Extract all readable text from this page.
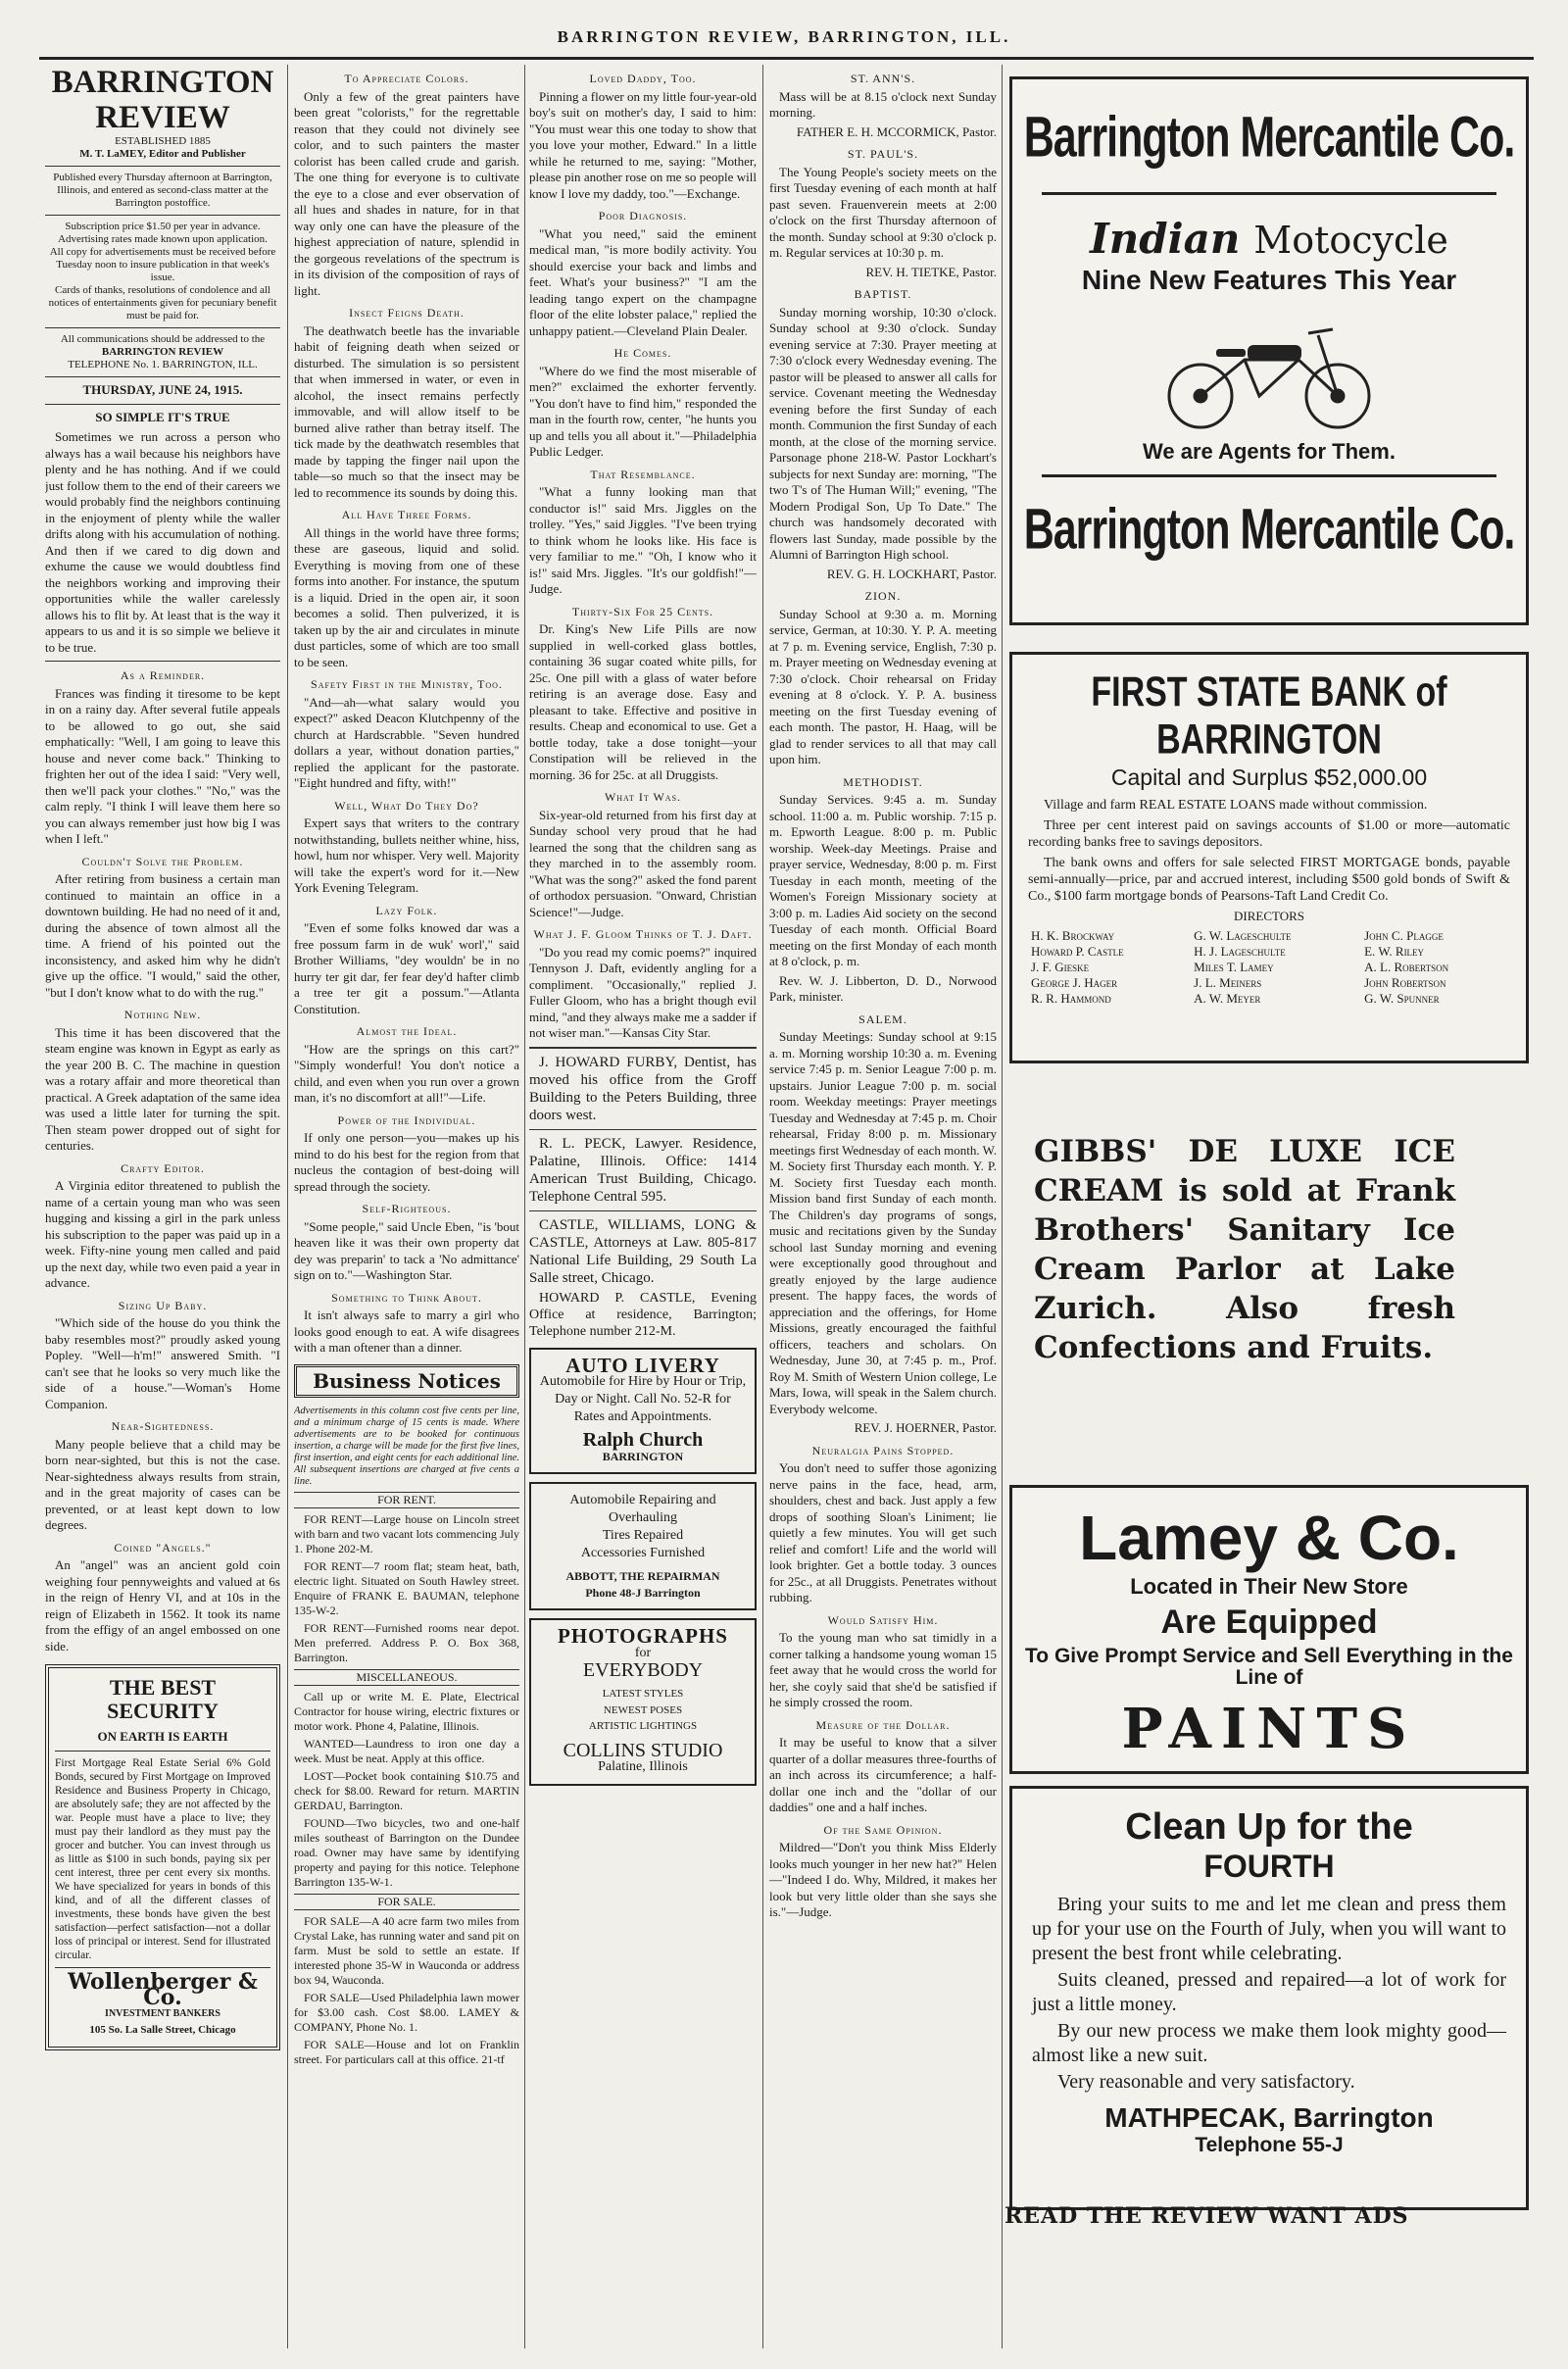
BARRINGTON REVIEW, BARRINGTON, ILL.
BARRINGTON REVIEW
ESTABLISHED 1885
M. T. LaMEY, Editor and Publisher
Published every Thursday afternoon at Barrington, Illinois, and entered as second-class matter at the Barrington postoffice.
Subscription price $1.50 per year in advance. Advertising rates made known upon application.
All copy for advertisements must be received before Tuesday noon to insure publication in that week's issue.
Cards of thanks, resolutions of condolence and all notices of entertainments given for pecuniary benefit must be paid for.
All communications should be addressed to the
BARRINGTON REVIEW
TELEPHONE No. 1. BARRINGTON, ILL.
THURSDAY, JUNE 24, 1915.
SO SIMPLE IT'S TRUE

Sometimes we run across a person who always has a wail because his neighbors have plenty and he has nothing. And if we could just follow them to the end of their careers we would probably find the neighbors continuing in the enjoyment of plenty while the waller drifts along with his accumulation of nothing. And then if we cared to dig down and exhume the cause we would doubtless find the neighbors working and improving their opportunities while the waller carelessly allows his to flit by. At least that is the way it appears to us and it is so simple we believe it to be true.

As a Reminder.

Frances was finding it tiresome to be kept in on a rainy day. After several futile appeals to be allowed to go out, she said emphatically: "Well, I am going to leave this house and never come back." Thinking to frighten her out of the idea I said: "Very well, then we'll pack your clothes." "No," was the calm reply. "I think I will leave them here so you can always remember just how big I was when I left."

Couldn't Solve the Problem.

After retiring from business a certain man continued to maintain an office in a downtown building. He had no need of it and, during the absence of town almost all the time. A friend of his pointed out the inconsistency, and asked him why he didn't give up the office. "I would," said the other, "but I don't know what to do with the rug."

Nothing New.

This time it has been discovered that the steam engine was known in Egypt as early as the year 200 B. C. The machine in question was a rotary affair and more theoretical than practical. A Greek adaptation of the same idea was used a little later for turning the spit. Then steam power dropped out of sight for centuries.

Crafty Editor.

A Virginia editor threatened to publish the name of a certain young man who was seen hugging and kissing a girl in the park unless his subscription to the paper was paid up in a week. Fifty-nine young men called and paid up the next day, while two even paid a year in advance.

Sizing Up Baby.

"Which side of the house do you think the baby resembles most?" proudly asked young Popley. "Well—h'm!" answered Smith. "I can't see that he looks so very much like the side of a house."—Woman's Home Companion.

Near-Sightedness.

Many people believe that a child may be born near-sighted, but this is not the case. Near-sightedness always results from strain, and in the great majority of cases can be prevented, or at least kept down to low degrees.

Coined "Angels."

An "angel" was an ancient gold coin weighing four pennyweights and valued at 6s in the reign of Henry VI, and at 10s in the reign of Elizabeth in 1562. It took its name from the effigy of an angel embossed on one side.

THE BEST SECURITY
ON EARTH IS EARTH

First Mortgage Real Estate Serial 6% Gold Bonds, secured by First Mortgage on Improved Residence and Business Property in Chicago, are absolutely safe; they are not affected by the war. People must have a place to live; they must pay their landlord as they must pay the grocer and butcher. You can invest through us as little as $100 in such bonds, paying six per cent interest, three per cent every six months. We have specialized for years in bonds of this kind, and of all the different classes of investments, these bonds have given the best satisfaction—perfect satisfaction—not a dollar loss of principal or interest. Send for illustrated circular.

Wollenberger & Co.
INVESTMENT BANKERS
105 So. La Salle Street, Chicago
To Appreciate Colors.

Only a few of the great painters have been great "colorists," for the regrettable reason that they could not divinely see color, and to such painters the master colorist has been called crude and garish. The one thing for everyone is to cultivate the eye to a close and ever observation of all hues and shades in nature, for in that way only one can have the pleasure of the highest appreciation of nature, splendid in the gorgeous revelations of the spectrum is in its division of the composition of rays of light.

Insect Feigns Death.

The deathwatch beetle has the invariable habit of feigning death when seized or disturbed. The simulation is so persistent that when immersed in water, or even in alcohol, the insect remains perfectly immovable, and will allow itself to be burned alive rather than betray itself. The tick made by the deathwatch resembles that made by tapping the finger nail upon the table—so much so that the insect may be led to recommence its sounds by doing this.

All Have Three Forms.

All things in the world have three forms; these are gaseous, liquid and solid. Everything is moving from one of these forms into another. For instance, the sputum is a liquid. Dried in the open air, it soon becomes a solid. Then pulverized, it is taken up by the air and circulates in minute dust particles, some of which are too small to be seen.

Safety First in the Ministry, Too.

"And—ah—what salary would you expect?" asked Deacon Klutchpenny of the church at Hardscrabble. "Seven hundred dollars a year, without donation parties," replied the applicant for the pastorate. "Eight hundred and fifty, with!"

Well, What Do They Do?

Expert says that writers to the contrary notwithstanding, bullets neither whine, hiss, howl, hum nor whisper. Very well. Majority will take the expert's word for it.—New York Evening Telegram.

Lazy Folk.

"Even ef some folks knowed dar was a free possum farm in de wuk' worl'," said Brother Williams, "dey wouldn' be in no hurry ter git dar, fer fear dey'd hafter climb a tree ter git a possum."—Atlanta Constitution.

Almost the Ideal.

"How are the springs on this cart?" "Simply wonderful! You don't notice a child, and even when you run over a grown man, it's no discomfort at all!"—Life.

Power of the Individual.

If only one person—you—makes up his mind to do his best for the region from that nucleus the contagion of best-doing will spread through the society.

Self-Righteous.

"Some people," said Uncle Eben, "is 'bout heaven like it was their own property dat dey was preparin' to tack a 'No admittance' sign on to."—Washington Star.

Something to Think About.

It isn't always safe to marry a girl who looks good enough to eat. A wife disagrees with a man oftener than a dinner.

Business Notices

Advertisements in this column cost five cents per line, and a minimum charge of 15 cents is made. Where advertisements are to be booked for continuous insertion, a charge will be made for the first five lines, first insertion, and eight cents for each additional line. All subsequent insertions are charged at five cents a line.

FOR RENT.

FOR RENT—Large house on Lincoln street with barn and two vacant lots commencing July 1. Phone 202-M.

FOR RENT—7 room flat; steam heat, bath, electric light. Situated on South Hawley street. Enquire of FRANK E. BAUMAN, telephone 135-W-2.

FOR RENT—Furnished rooms near depot. Men preferred. Address P. O. Box 368, Barrington.

MISCELLANEOUS.

Call up or write M. E. Plate, Electrical Contractor for house wiring, electric fixtures or motor work. Phone 4, Palatine, Illinois.

WANTED—Laundress to iron one day a week. Must be neat. Apply at this office.

LOST—Pocket book containing $10.75 and check for $8.00. Reward for return. MARTIN GERDAU, Barrington.

FOUND—Two bicycles, two and one-half miles southeast of Barrington on the Dundee road. Owner may have same by identifying property and paying for this notice. Telephone Barrington 135-W-1.

FOR SALE.

FOR SALE—A 40 acre farm two miles from Crystal Lake, has running water and sand pit on farm. Must be sold to settle an estate. If interested phone 35-W in Wauconda or address box 94, Wauconda.

FOR SALE—Used Philadelphia lawn mower for $3.00 cash. Cost $8.00. LAMEY & COMPANY, Phone No. 1.

FOR SALE—House and lot on Franklin street. For particulars call at this office. 21-tf

Loved Daddy, Too.

Pinning a flower on my little four-year-old boy's suit on mother's day, I said to him: "You must wear this one today to show that you love your mother, Edward." In a little while he returned to me, saying: "Mother, please pin another rose on me so people will know I love my daddy, too."—Exchange.

Poor Diagnosis.

"What you need," said the eminent medical man, "is more bodily activity. You should exercise your back and limbs and feet. What's your business?" "I am the leading tango expert on the champagne floor of the elite lobster palace," replied the unhappy patient.—Cleveland Plain Dealer.

He Comes.

"Where do we find the most miserable of men?" exclaimed the exhorter fervently. "You don't have to find him," responded the man in the fourth row, center, "he hunts you up and tells you all about it."—Philadelphia Public Ledger.

That Resemblance.

"What a funny looking man that conductor is!" said Mrs. Jiggles on the trolley. "Yes," said Jiggles. "I've been trying to think whom he looks like. His face is very familiar to me." "Oh, I know who it is!" said Mrs. Jiggles. "It's our goldfish!"—Judge.

Thirty-Six For 25 Cents.

Dr. King's New Life Pills are now supplied in well-corked glass bottles, containing 36 sugar coated white pills, for 25c. One pill with a glass of water before retiring is an average dose. Easy and pleasant to take. Effective and positive in results. Cheap and economical to use. Get a bottle today, take a dose tonight—your Constipation will be relieved in the morning. 36 for 25c. at all Druggists.

What It Was.

Six-year-old returned from his first day at Sunday school very proud that he had learned the song that the children sang as they marched in to the assembly room. "What was the song?" asked the fond parent of orthodox persuasion. "Onward, Christian Science!"—Judge.

What J. F. Gloom Thinks of T. J. Daft.

"Do you read my comic poems?" inquired Tennyson J. Daft, evidently angling for a compliment. "Occasionally," replied J. Fuller Gloom, who has a bright though evil mind, "and they always make me a sadder if not wiser man."—Kansas City Star.

J. HOWARD FURBY, Dentist, has moved his office from the Groff Building to the Peters Building, three doors west.

R. L. PECK, Lawyer. Residence, Palatine, Illinois. Office: 1414 American Trust Building, Chicago. Telephone Central 595.

CASTLE, WILLIAMS, LONG & CASTLE, Attorneys at Law. 805-817 National Life Building, 29 South La Salle street, Chicago.

HOWARD P. CASTLE, Evening Office at residence, Barrington; Telephone number 212-M.

AUTO LIVERY
Automobile for Hire by Hour or Trip, Day or Night. Call No. 52-R for Rates and Appointments.
Ralph Church
BARRINGTON
Automobile Repairing and Overhauling
Tires Repaired
Accessories Furnished
ABBOTT, THE REPAIRMAN
Phone 48-J Barrington
PHOTOGRAPHS
for
EVERYBODY
LATEST STYLES
NEWEST POSES
ARTISTIC LIGHTINGS
COLLINS STUDIO
Palatine, Illinois
ST. ANN'S.

Mass will be at 8.15 o'clock next Sunday morning.

FATHER E. H. MCCORMICK, Pastor.

ST. PAUL'S.

The Young People's society meets on the first Tuesday evening of each month at half past seven. Frauenverein meets at 2:00 o'clock on the first Thursday afternoon of the month. Sunday school at 9:30 o'clock p. m. Regular services at 10:30 p. m.

REV. H. TIETKE, Pastor.

BAPTIST.

Sunday morning worship, 10:30 o'clock. Sunday school at 9:30 o'clock. Sunday evening service at 7:30. Prayer meeting at 7:30 o'clock every Wednesday evening. The pastor will be pleased to answer all calls for service. Covenant meeting the Wednesday evening before the first Sunday of each month. Communion the first Sunday of each month, at the close of the morning service. Parsonage phone 218-W. Pastor Lockhart's subjects for next Sunday are: morning, "The two T's of The Human Will;" evening, "The Modern Prodigal Son, Up To Date." The church was handsomely decorated with flowers last Sunday, made possible by the Alumni of Barrington High school.

REV. G. H. LOCKHART, Pastor.

ZION.

Sunday School at 9:30 a. m. Morning service, German, at 10:30. Y. P. A. meeting at 7 p. m. Evening service, English, 7:30 p. m. Prayer meeting on Wednesday evening at 7:30 o'clock. Choir rehearsal on Friday evening at 8 o'clock. Y. P. A. business meeting on the first Tuesday evening of each month. The pastor, H. Haag, will be glad to render services to all that may call upon him.

METHODIST.

Sunday Services. 9:45 a. m. Sunday school. 11:00 a. m. Public worship. 7:15 p. m. Epworth League. 8:00 p. m. Public worship. Week-day Meetings. Praise and prayer service, Wednesday, 8:00 p. m. First Tuesday in each month, meeting of the Women's Foreign Missionary society at 3:00 p. m. Ladies Aid society on the second Tuesday of each month. Official Board meeting on the first Monday of each month at 8 o'clock, p. m.

Rev. W. J. Libberton, D. D., Norwood Park, minister.

SALEM.

Sunday Meetings: Sunday school at 9:15 a. m. Morning worship 10:30 a. m. Evening service 7:45 p. m. Senior League 7:00 p. m. upstairs. Junior League 7:00 p. m. social room. Weekday meetings: Prayer meetings Tuesday and Wednesday at 7:45 p. m. Choir rehearsal, Friday 8:00 p. m. Missionary meetings first Wednesday of each month. W. M. Society first Thursday each month. Y. P. M. Society first Tuesday each month. Mission band first Sunday of each month. The Children's day programs of songs, music and recitations given by the Sunday school last Sunday morning and evening were exceptionally good throughout and greatly enjoyed by the large audience present. The happy faces, the words of appreciation and the offerings, for Home Missions, greatly encouraged the faithful officers, teachers and scholars. On Wednesday, June 30, at 7:45 p. m., Prof. Roy M. Smith of Western Union college, Le Mars, Iowa, will speak in the Salem church. Everybody welcome.

REV. J. HOERNER, Pastor.

Neuralgia Pains Stopped.

You don't need to suffer those agonizing nerve pains in the face, head, arm, shoulders, chest and back. Just apply a few drops of soothing Sloan's Liniment; lie quietly a few minutes. You will get such relief and comfort! Life and the world will look brighter. Get a bottle today. 3 ounces for 25c., at all Druggists. Penetrates without rubbing.

Would Satisfy Him.

To the young man who sat timidly in a corner talking a handsome young woman 15 feet away that he would cross the world for her, she coyly said that she'd be satisfied if he simply crossed the room.

Measure of the Dollar.

It may be useful to know that a silver quarter of a dollar measures three-fourths of an inch across its circumference; a half-dollar one inch and the "dollar of our daddies" one and a half inches.

Of the Same Opinion.

Mildred—"Don't you think Miss Elderly looks much younger in her new hat?" Helen—"Indeed I do. Why, Mildred, it makes her look but very little older than she says she is."—Judge.

Barrington Mercantile Co.
Indian Motocycle
Nine New Features This Year
We are Agents for Them.
Barrington Mercantile Co.
FIRST STATE BANK of BARRINGTON
Capital and Surplus $52,000.00

Village and farm REAL ESTATE LOANS made without commission.

Three per cent interest paid on savings accounts of $1.00 or more—automatic recording banks free to savings depositors.

The bank owns and offers for sale selected FIRST MORTGAGE bonds, payable semi-annually—price, par and accrued interest, including $500 gold bonds of Swift & Co., $100 farm mortgage bonds of Pearsons-Taft Land Credit Co.

DIRECTORS
H. K. Brockway	G. W. Lageschulte	John C. Plagge
Howard P. Castle	H. J. Lageschulte	E. W. Riley
J. F. Gieske	Miles T. Lamey	A. L. Robertson
George J. Hager	J. L. Meiners	John Robertson
R. R. Hammond	A. W. Meyer	G. W. Spunner
GIBBS' DE LUXE ICE CREAM is sold at Frank Brothers' Sanitary Ice Cream Parlor at Lake Zurich. Also fresh Confections and Fruits.
Lamey & Co.
Located in Their New Store
Are Equipped
To Give Prompt Service and Sell Everything in the Line of
PAINTS
Clean Up for the
FOURTH

Bring your suits to me and let me clean and press them up for your use on the Fourth of July, when you will want to present the best front while celebrating.

Suits cleaned, pressed and repaired—a lot of work for just a little money.

By our new process we make them look mighty good—almost like a new suit.

Very reasonable and very satisfactory.

MATHPECAK, Barrington
Telephone 55-J
READ THE REVIEW WANT ADS
